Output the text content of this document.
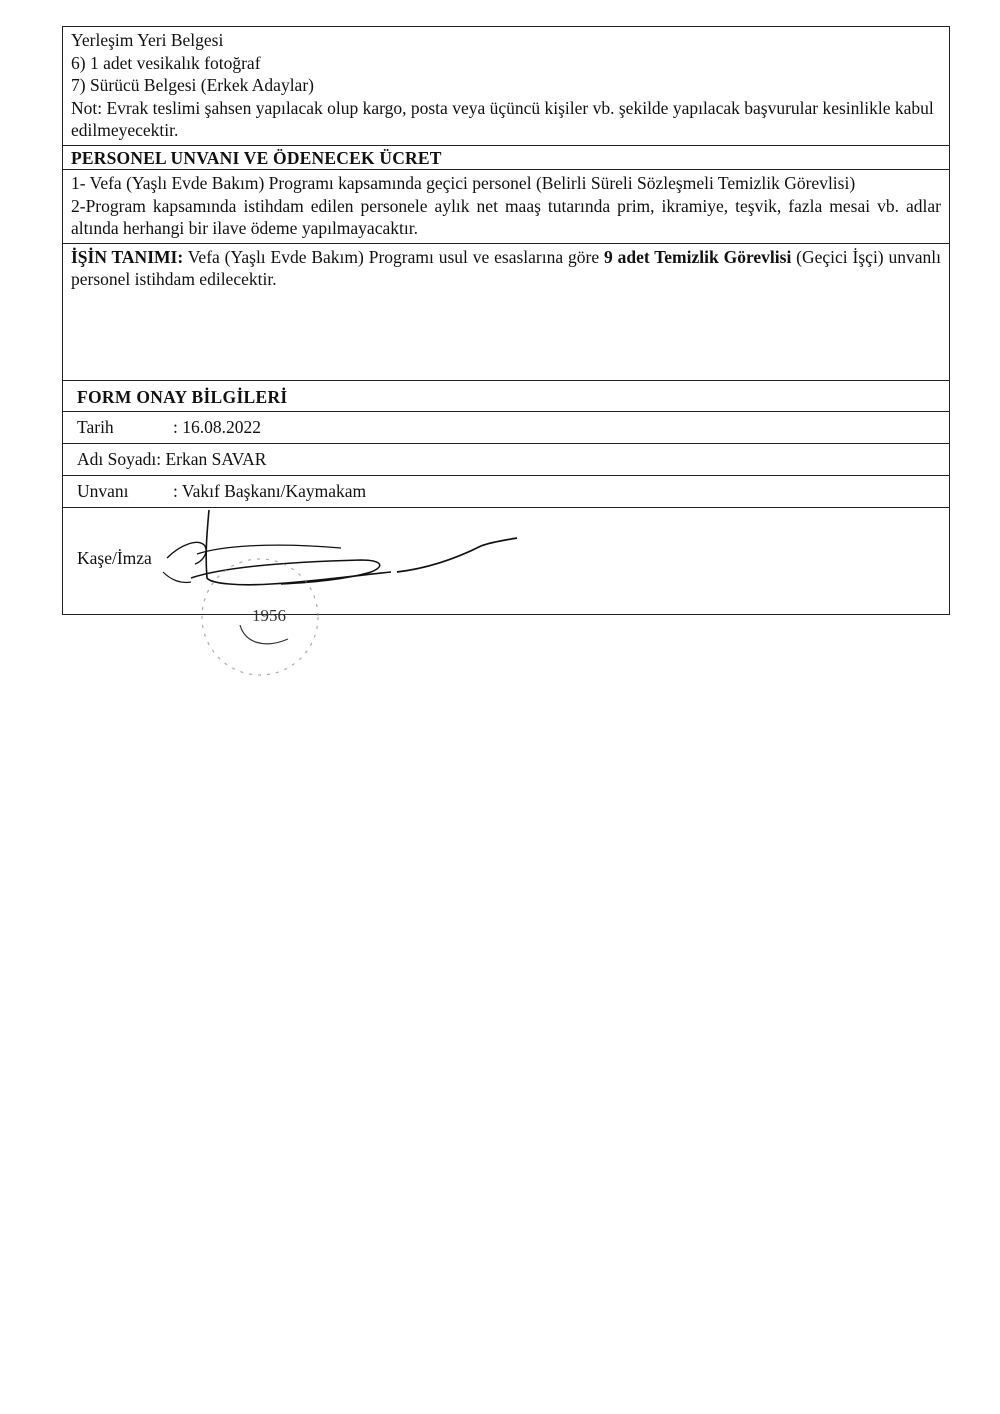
Yerleşim Yeri Belgesi
6) 1 adet vesikalık fotoğraf
7) Sürücü Belgesi (Erkek Adaylar)
Not: Evrak teslimi şahsen yapılacak olup kargo, posta veya üçüncü kişiler vb. şekilde yapılacak başvurular kesinlikle kabul edilmeyecektir.
PERSONEL UNVANI VE ÖDENECEK ÜCRET
1- Vefa (Yaşlı Evde Bakım) Programı kapsamında geçici personel (Belirli Süreli Sözleşmeli Temizlik Görevlisi)
2-Program kapsamında istihdam edilen personele aylık net maaş tutarında prim, ikramiye, teşvik, fazla mesai vb. adlar altında herhangi bir ilave ödeme yapılmayacaktır.
İŞİN TANIMI: Vefa (Yaşlı Evde Bakım) Programı usul ve esaslarına göre 9 adet Temizlik Görevlisi (Geçici İşçi) unvanlı personel istihdam edilecektir.
FORM ONAY BİLGİLERİ
Tarih	: 16.08.2022
Adı Soyadı : Erkan SAVAR
Unvanı	: Vakıf Başkanı/Kaymakam
Kaşe/İmza
1956
